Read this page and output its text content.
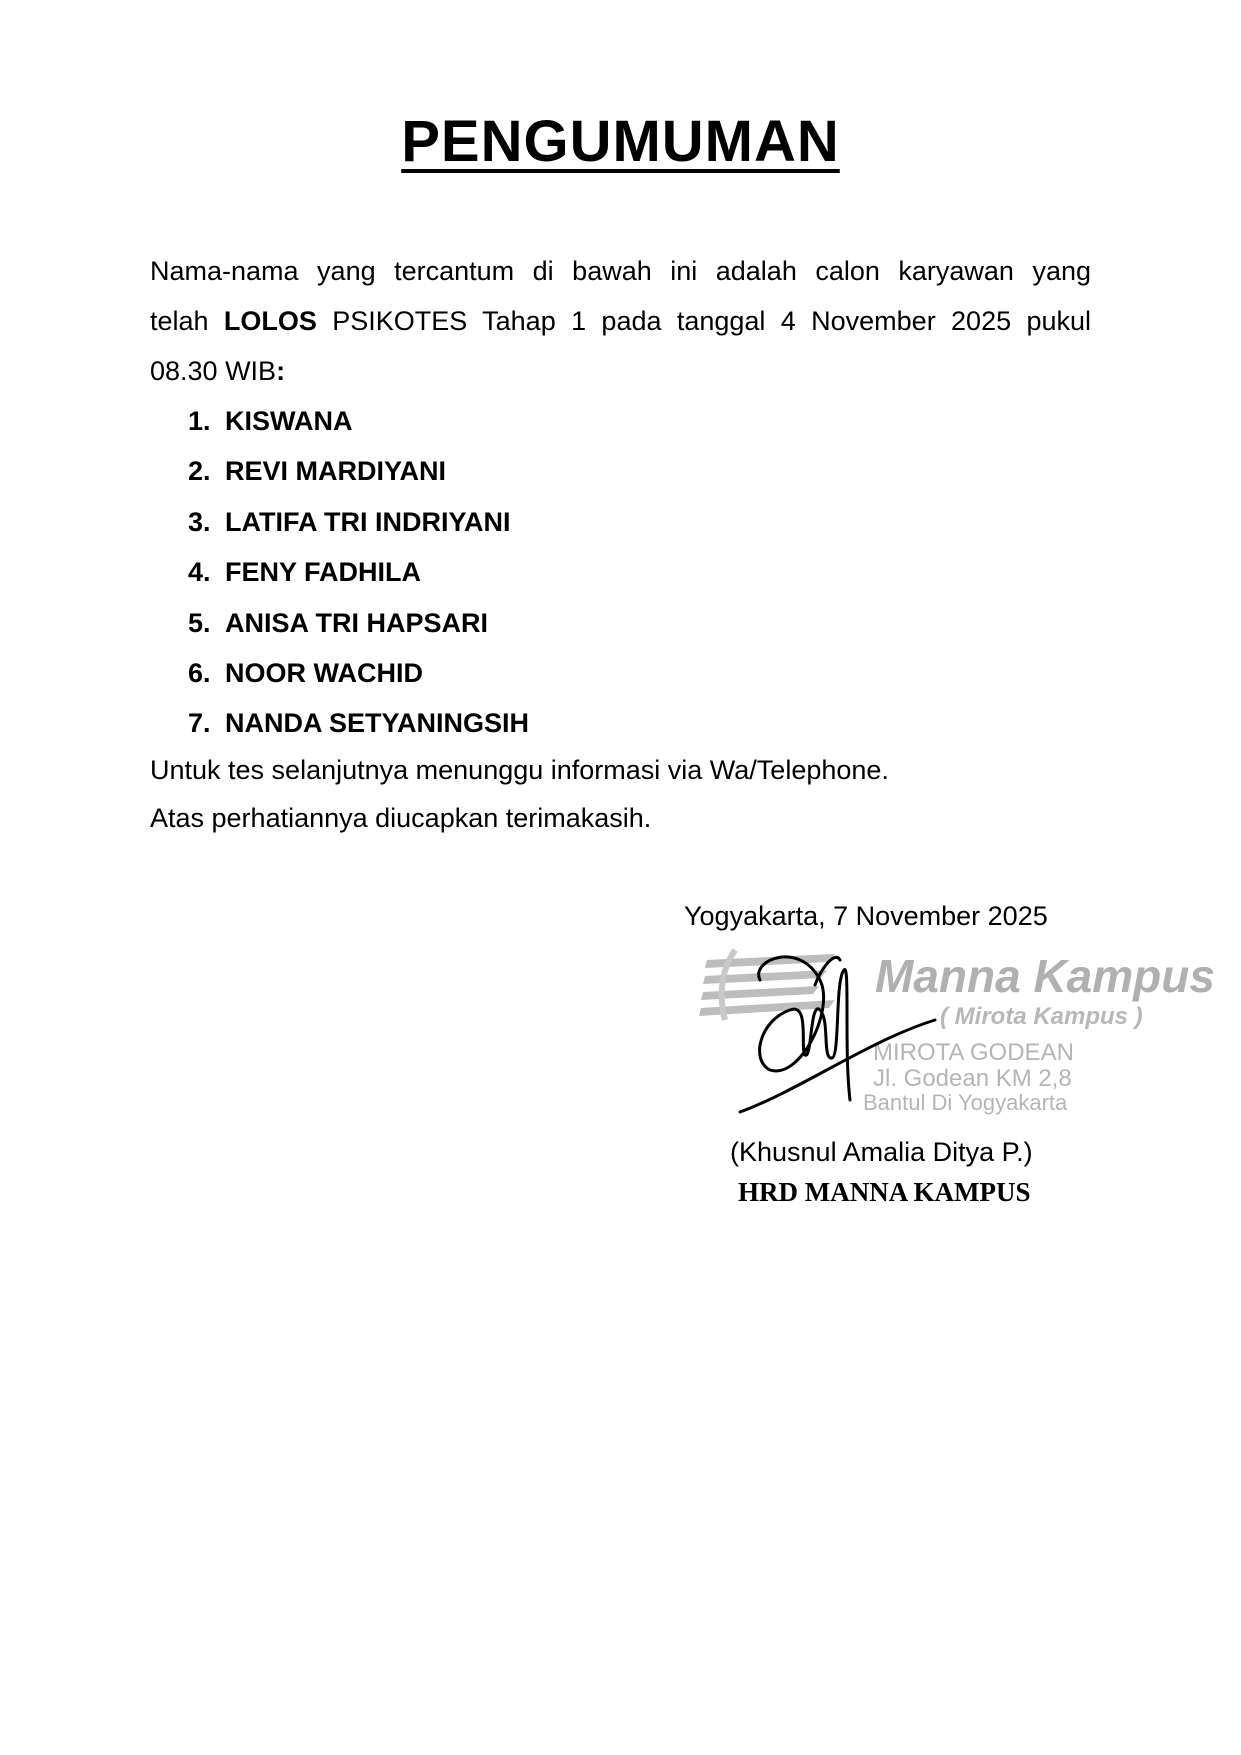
PENGUMUMAN
Nama-nama yang tercantum di bawah ini adalah calon karyawan yang
telah LOLOS PSIKOTES Tahap 1 pada tanggal 4 November 2025 pukul
08.30 WIB:
1. KISWANA
2. REVI MARDIYANI
3. LATIFA TRI INDRIYANI
4. FENY FADHILA
5. ANISA TRI HAPSARI
6. NOOR WACHID
7. NANDA SETYANINGSIH
Untuk tes selanjutnya menunggu informasi via Wa/Telephone.
Atas perhatiannya diucapkan terimakasih.
Yogyakarta, 7 November 2025
Manna Kampus
( Mirota Kampus )
MIROTA GODEAN
Jl. Godean KM 2,8
Bantul Di Yogyakarta
(Khusnul Amalia Ditya P.)
HRD MANNA KAMPUS
